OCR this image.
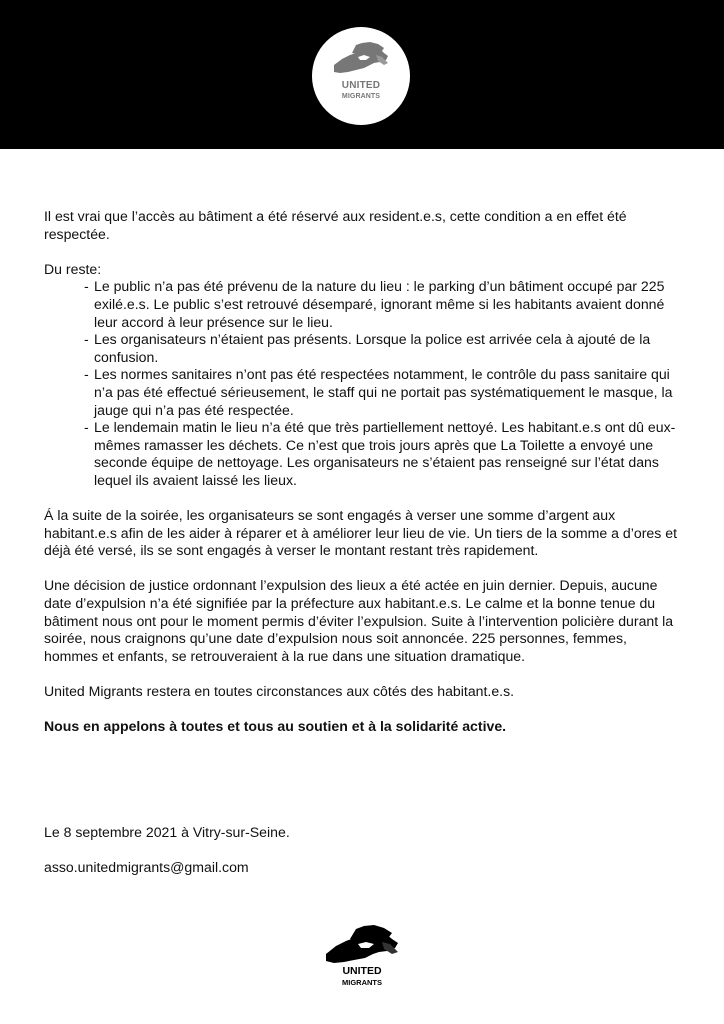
UNITED
MIGRANTS

Il est vrai que l’accès au bâtiment a été réservé aux resident.e.s, cette condition a en effet été respectée.

Du reste:

- Le public n’a pas été prévenu de la nature du lieu : le parking d’un bâtiment occupé par 225 exilé.e.s. Le public s’est retrouvé désemparé, ignorant même si les habitants avaient donné leur accord à leur présence sur le lieu.
- Les organisateurs n’étaient pas présents. Lorsque la police est arrivée cela à ajouté de la confusion.
- Les normes sanitaires n’ont pas été respectées notamment, le contrôle du pass sanitaire qui n’a pas été effectué sérieusement, le staff qui ne portait pas systématiquement le masque, la jauge qui n’a pas été respectée.
- Le lendemain matin le lieu n’a été que très partiellement nettoyé. Les habitant.e.s ont dû eux-mêmes ramasser les déchets. Ce n’est que trois jours après que La Toilette a envoyé une seconde équipe de nettoyage. Les organisateurs ne s’étaient pas renseigné sur l’état dans lequel ils avaient laissé les lieux.

Á la suite de la soirée, les organisateurs se sont engagés à verser une somme d’argent aux habitant.e.s afin de les aider à réparer et à améliorer leur lieu de vie. Un tiers de la somme a d’ores et déjà été versé, ils se sont engagés à verser le montant restant très rapidement.

Une décision de justice ordonnant l’expulsion des lieux a été actée en juin dernier. Depuis, aucune date d’expulsion n’a été signifiée par la préfecture aux habitant.e.s. Le calme et la bonne tenue du bâtiment nous ont pour le moment permis d’éviter l’expulsion. Suite à l’intervention policière durant la soirée, nous craignons qu’une date d’expulsion nous soit annoncée. 225 personnes, femmes, hommes et enfants, se retrouveraient à la rue dans une situation dramatique.

United Migrants restera en toutes circonstances aux côtés des habitant.e.s.

Nous en appelons à toutes et tous au soutien et à la solidarité active.

Le 8 septembre 2021 à Vitry-sur-Seine.

asso.unitedmigrants@gmail.com

UNITED
MIGRANTS
